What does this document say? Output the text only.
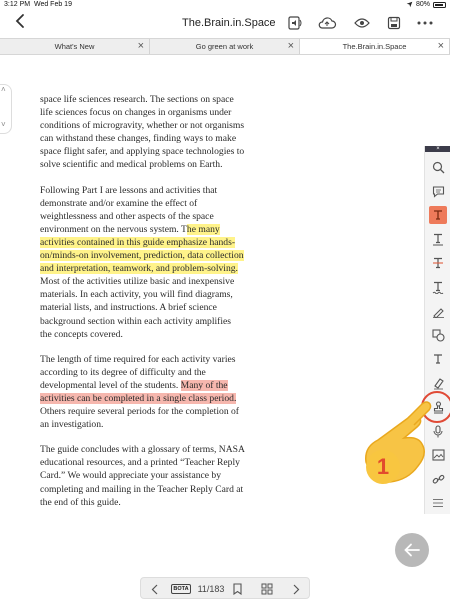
3:12 PM Wed Feb 19	80%
The.Brain.in.Space
What's New	×	Go green at work	×	The.Brain.in.Space	×
˄
˅

space life sciences research. The sections on space life sciences focus on changes in organisms under conditions of microgravity, whether or not organisms can withstand these changes, finding ways to make space flight safer, and applying space technologies to solve scientific and medical problems on Earth.

Following Part I are lessons and activities that demonstrate and/or examine the effect of weightlessness and other aspects of the space environment on the nervous system. The many activities contained in this guide emphasize hands-on/minds-on involvement, prediction, data collection and interpretation, teamwork, and problem-solving. Most of the activities utilize basic and inexpensive materials. In each activity, you will find diagrams, material lists, and instructions. A brief science background section within each activity amplifies the concepts covered.

The length of time required for each activity varies according to its degree of difficulty and the developmental level of the students. Many of the activities can be completed in a single class period. Others require several periods for the completion of an investigation.

The guide concludes with a glossary of terms, NASA educational resources, and a printed “Teacher Reply Card.” We would appreciate your assistance by completing and mailing in the Teacher Reply Card at the end of this guide.

×
1
BOTA 11/183
